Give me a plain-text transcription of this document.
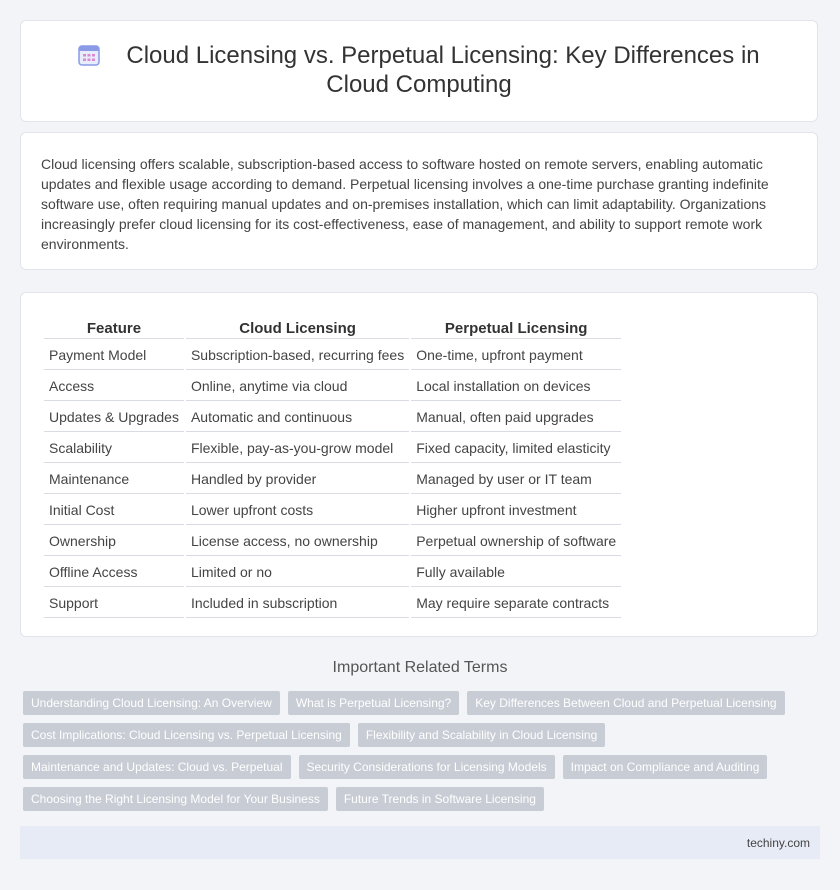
Cloud Licensing vs. Perpetual Licensing: Key Differences in Cloud Computing
Cloud licensing offers scalable, subscription-based access to software hosted on remote servers, enabling automatic updates and flexible usage according to demand. Perpetual licensing involves a one-time purchase granting indefinite software use, often requiring manual updates and on-premises installation, which can limit adaptability. Organizations increasingly prefer cloud licensing for its cost-effectiveness, ease of management, and ability to support remote work environments.
Feature	Cloud Licensing	Perpetual Licensing
Payment Model	Subscription-based, recurring fees	One-time, upfront payment
Access	Online, anytime via cloud	Local installation on devices
Updates & Upgrades	Automatic and continuous	Manual, often paid upgrades
Scalability	Flexible, pay-as-you-grow model	Fixed capacity, limited elasticity
Maintenance	Handled by provider	Managed by user or IT team
Initial Cost	Lower upfront costs	Higher upfront investment
Ownership	License access, no ownership	Perpetual ownership of software
Offline Access	Limited or no	Fully available
Support	Included in subscription	May require separate contracts
Important Related Terms
Understanding Cloud Licensing: An Overview	What is Perpetual Licensing?	Key Differences Between Cloud and Perpetual Licensing
Cost Implications: Cloud Licensing vs. Perpetual Licensing	Flexibility and Scalability in Cloud Licensing
Maintenance and Updates: Cloud vs. Perpetual	Security Considerations for Licensing Models	Impact on Compliance and Auditing
Choosing the Right Licensing Model for Your Business	Future Trends in Software Licensing
techiny.com
